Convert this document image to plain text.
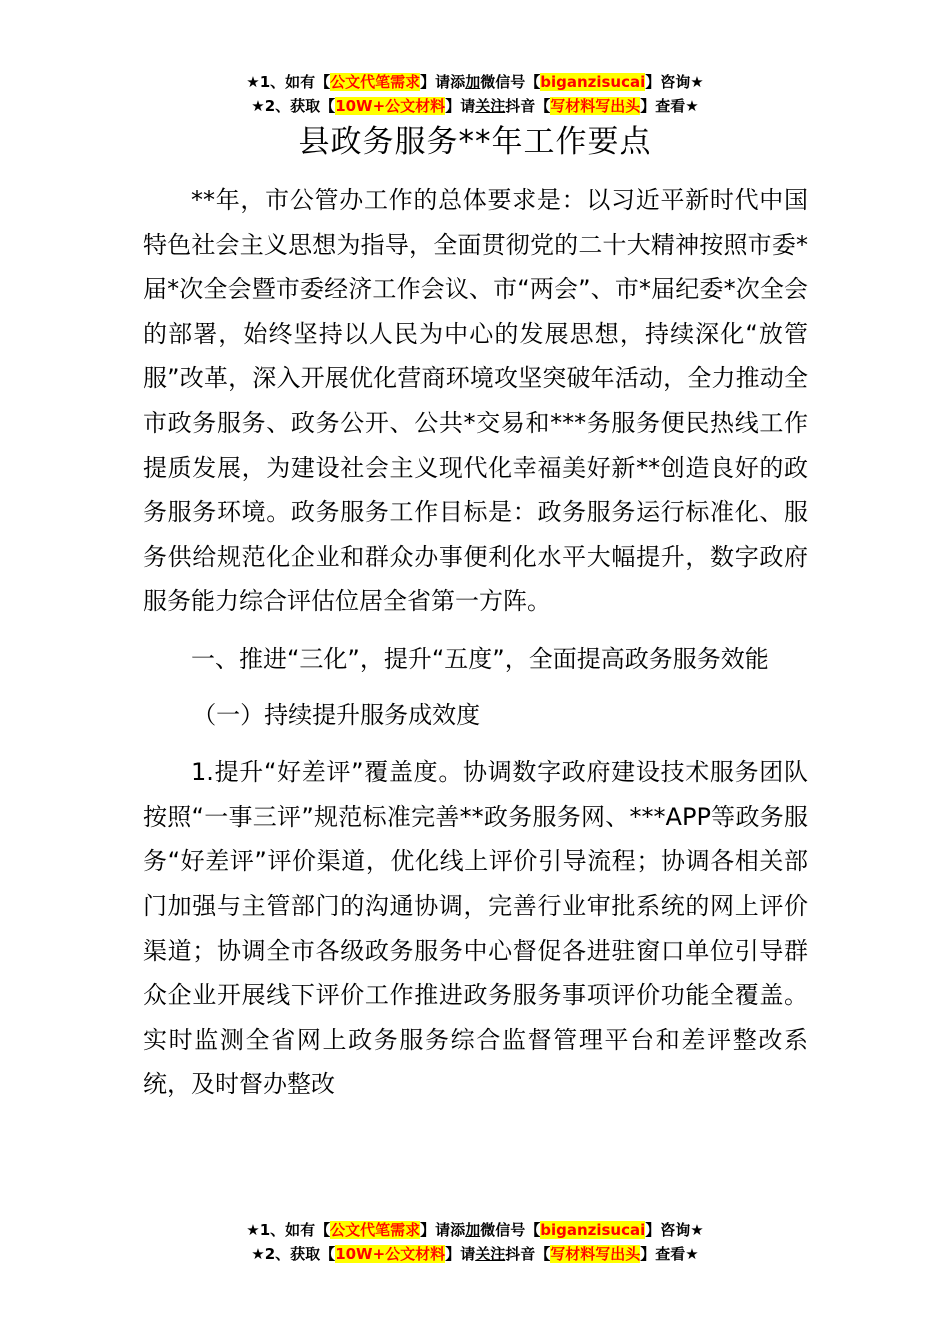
★1、如有【公文代笔需求】请添加微信号【biganzisucai】咨询★
★2、获取【10W+公文材料】请关注抖音【写材料写出头】查看★
县政务服务**年工作要点

**年，市公管办工作的总体要求是：以习近平新时代中国特色社会主义思想为指导，全面贯彻党的二十大精神按照市委*届*次全会暨市委经济工作会议、市“两会”、市*届纪委*次全会的部署，始终坚持以人民为中心的发展思想，持续深化“放管服”改革，深入开展优化营商环境攻坚突破年活动，全力推动全市政务服务、政务公开、公共*交易和***务服务便民热线工作提质发展，为建设社会主义现代化幸福美好新**创造良好的政务服务环境。政务服务工作目标是：政务服务运行标准化、服务供给规范化企业和群众办事便利化水平大幅提升，数字政府服务能力综合评估位居全省第一方阵。

一、推进“三化”，提升“五度”，全面提高政务服务效能

（一）持续提升服务成效度

1.提升“好差评”覆盖度。协调数字政府建设技术服务团队按照“一事三评”规范标准完善**政务服务网、***APP等政务服务“好差评”评价渠道，优化线上评价引导流程；协调各相关部门加强与主管部门的沟通协调，完善行业审批系统的网上评价渠道；协调全市各级政务服务中心督促各进驻窗口单位引导群众企业开展线下评价工作推进政务服务事项评价功能全覆盖。实时监测全省网上政务服务综合监督管理平台和差评整改系统，及时督办整改

★1、如有【公文代笔需求】请添加微信号【biganzisucai】咨询★
★2、获取【10W+公文材料】请关注抖音【写材料写出头】查看★
